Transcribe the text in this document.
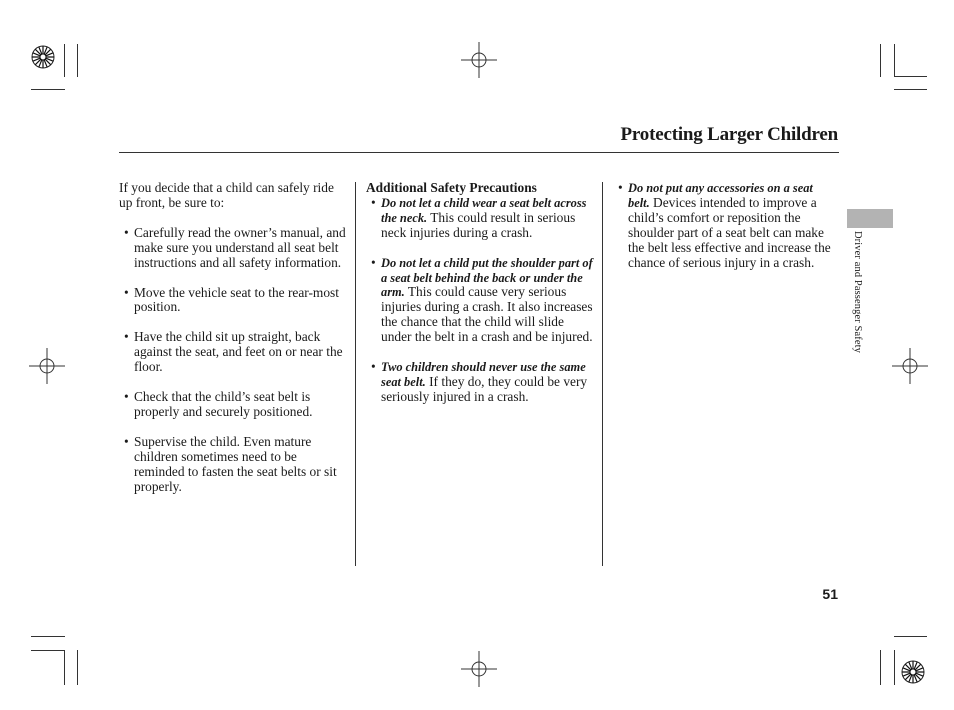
Protecting Larger Children
Driver and Passenger Safety

If you decide that a child can safely ride up front, be sure to:

• Carefully read the owner’s manual, and make sure you understand all seat belt instructions and all safety information.
• Move the vehicle seat to the rear-most position.
• Have the child sit up straight, back against the seat, and feet on or near the floor.
• Check that the child’s seat belt is properly and securely positioned.
• Supervise the child. Even mature children sometimes need to be reminded to fasten the seat belts or sit properly.

Additional Safety Precautions

• Do not let a child wear a seat belt across the neck. This could result in serious neck injuries during a crash.
• Do not let a child put the shoulder part of a seat belt behind the back or under the arm. This could cause very serious injuries during a crash. It also increases the chance that the child will slide under the belt in a crash and be injured.
• Two children should never use the same seat belt. If they do, they could be very seriously injured in a crash.
• Do not put any accessories on a seat belt. Devices intended to improve a child’s comfort or reposition the shoulder part of a seat belt can make the belt less effective and increase the chance of serious injury in a crash.
51
